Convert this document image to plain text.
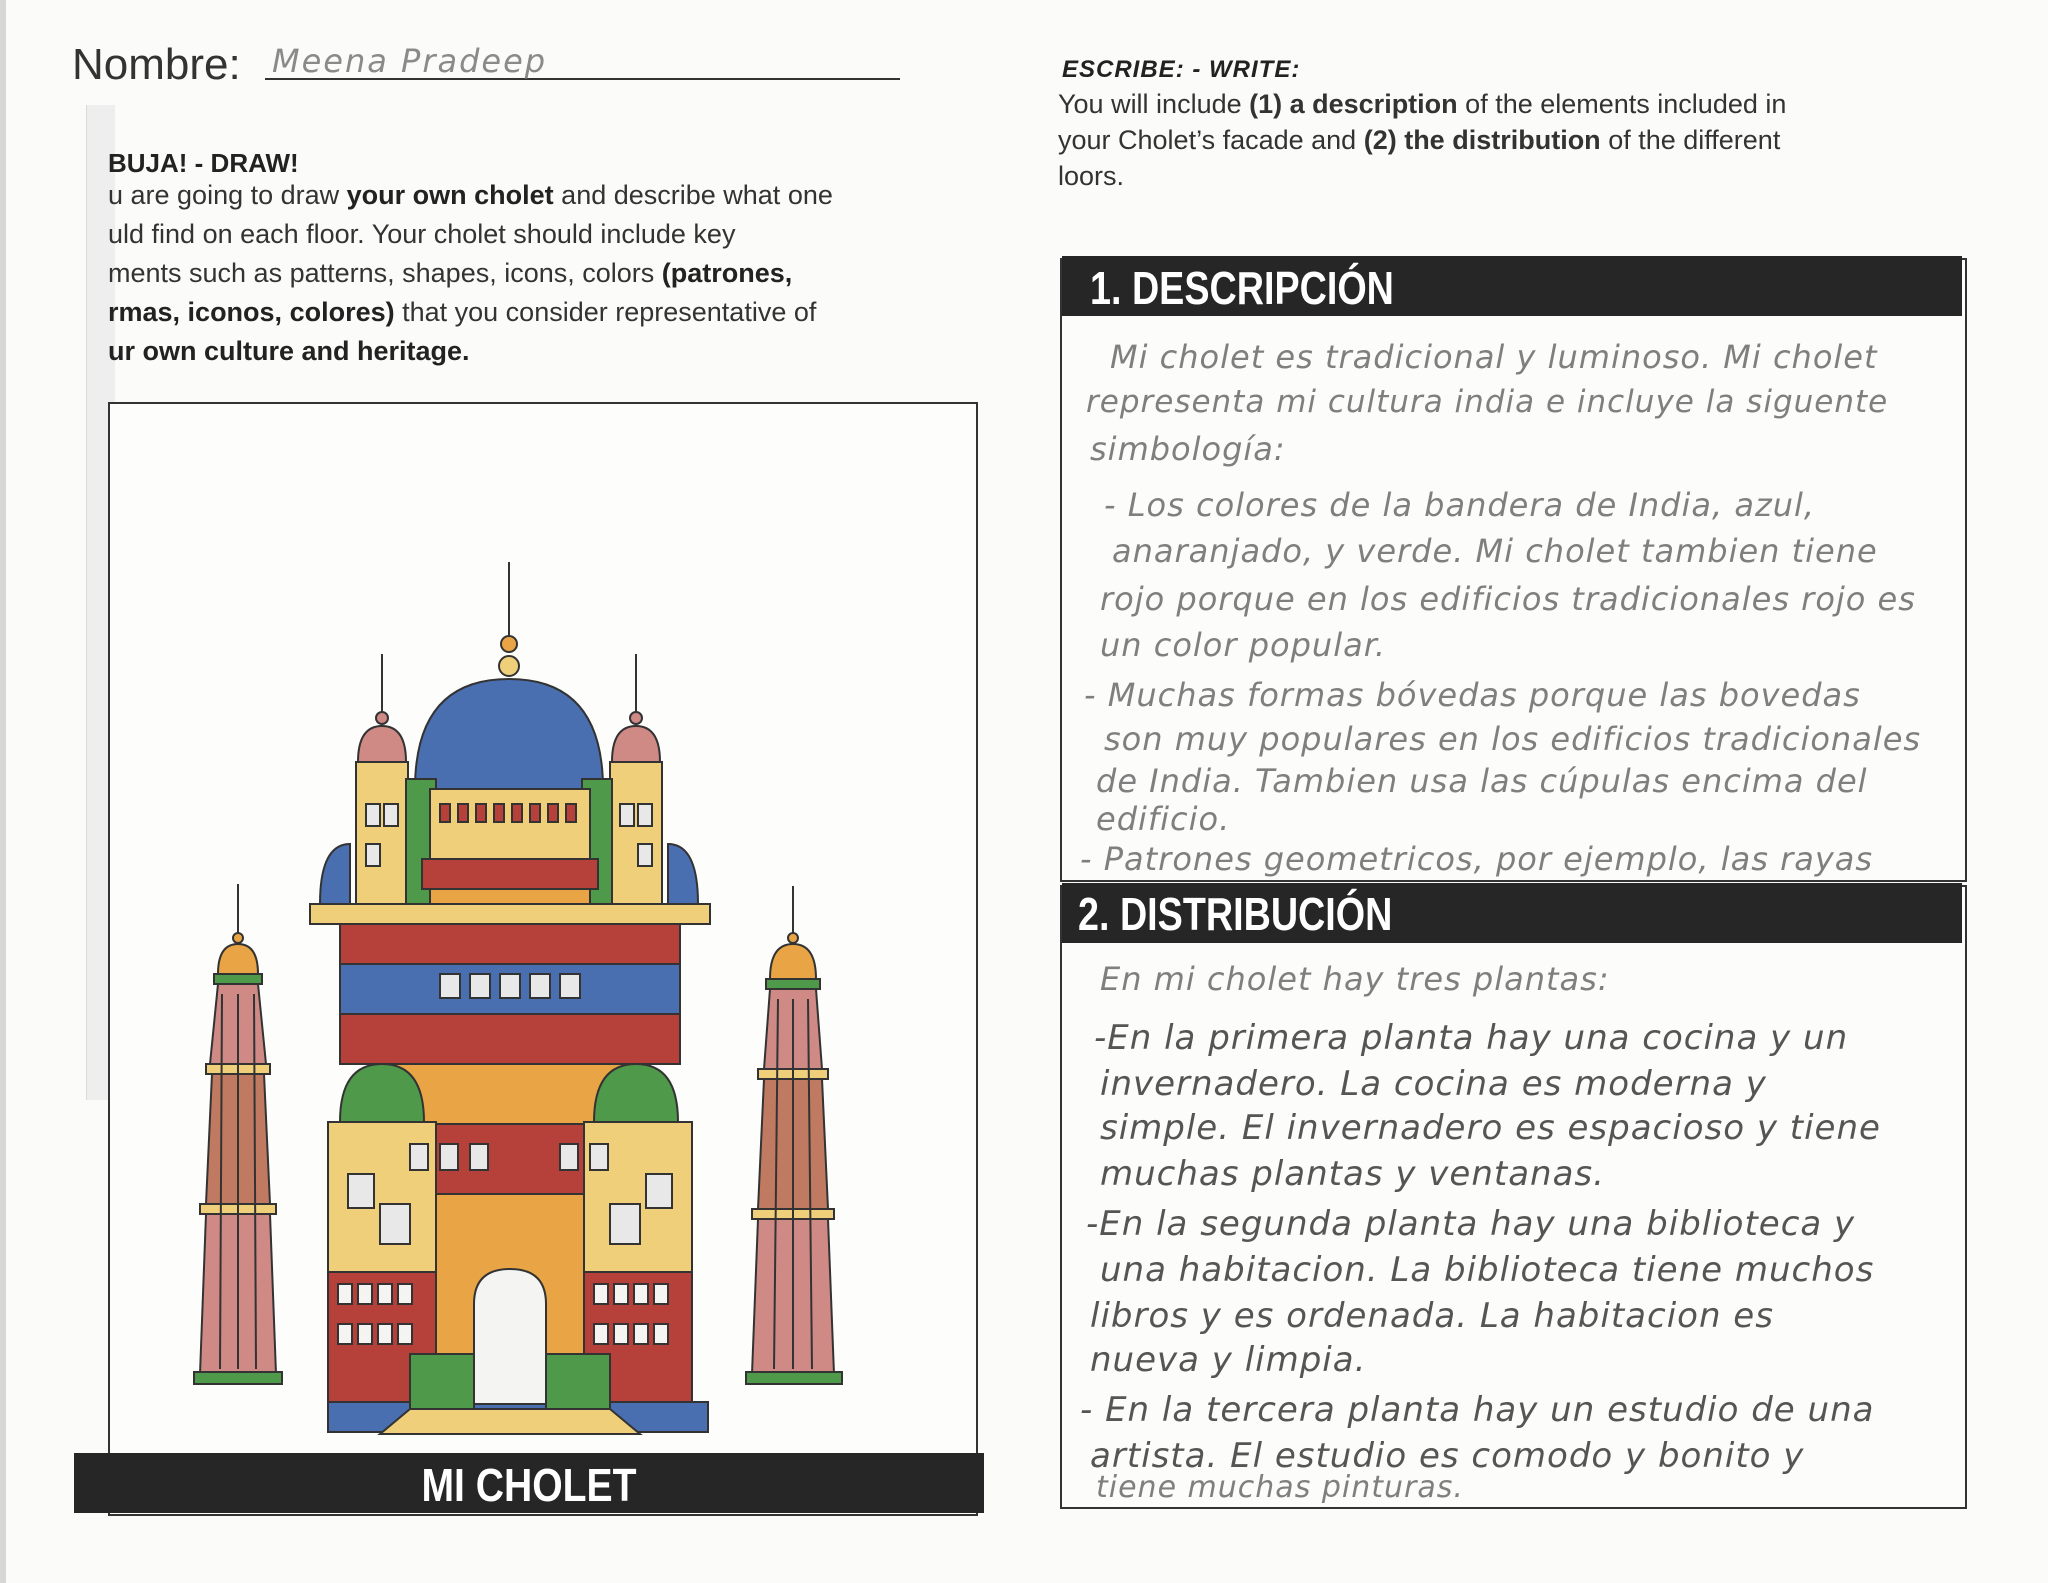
Nombre: Meena Pradeep
BUJA! - DRAW!
u are going to draw your own cholet and describe what one
uld find on each floor. Your cholet should include key
ments such as patterns, shapes, icons, colors (patrones,
rmas, iconos, colores) that you consider representative of
ur own culture and heritage.
MI CHOLET
ESCRIBE: - WRITE:
You will include (1) a description of the elements included in
your Cholet’s facade and (2) the distribution of the different
loors.
1. DESCRIPCIÓN
Mi cholet es tradicional y luminoso. Mi cholet
representa mi cultura india e incluye la siguente
simbología:
- Los colores de la bandera de India, azul,
anaranjado, y verde. Mi cholet tambien tiene
rojo porque en los edificios tradicionales rojo es
un color popular.
- Muchas formas bóvedas porque las bovedas
son muy populares en los edificios tradicionales
de India. Tambien usa las cúpulas encima del
edificio.
- Patrones geometricos, por ejemplo, las rayas
2. DISTRIBUCIÓN
En mi cholet hay tres plantas:
-En la primera planta hay una cocina y un
invernadero. La cocina es moderna y
simple. El invernadero es espacioso y tiene
muchas plantas y ventanas.
-En la segunda planta hay una biblioteca y
una habitacion. La biblioteca tiene muchos
libros y es ordenada. La habitacion es
nueva y limpia.
- En la tercera planta hay un estudio de una
artista. El estudio es comodo y bonito y
tiene muchas pinturas.
